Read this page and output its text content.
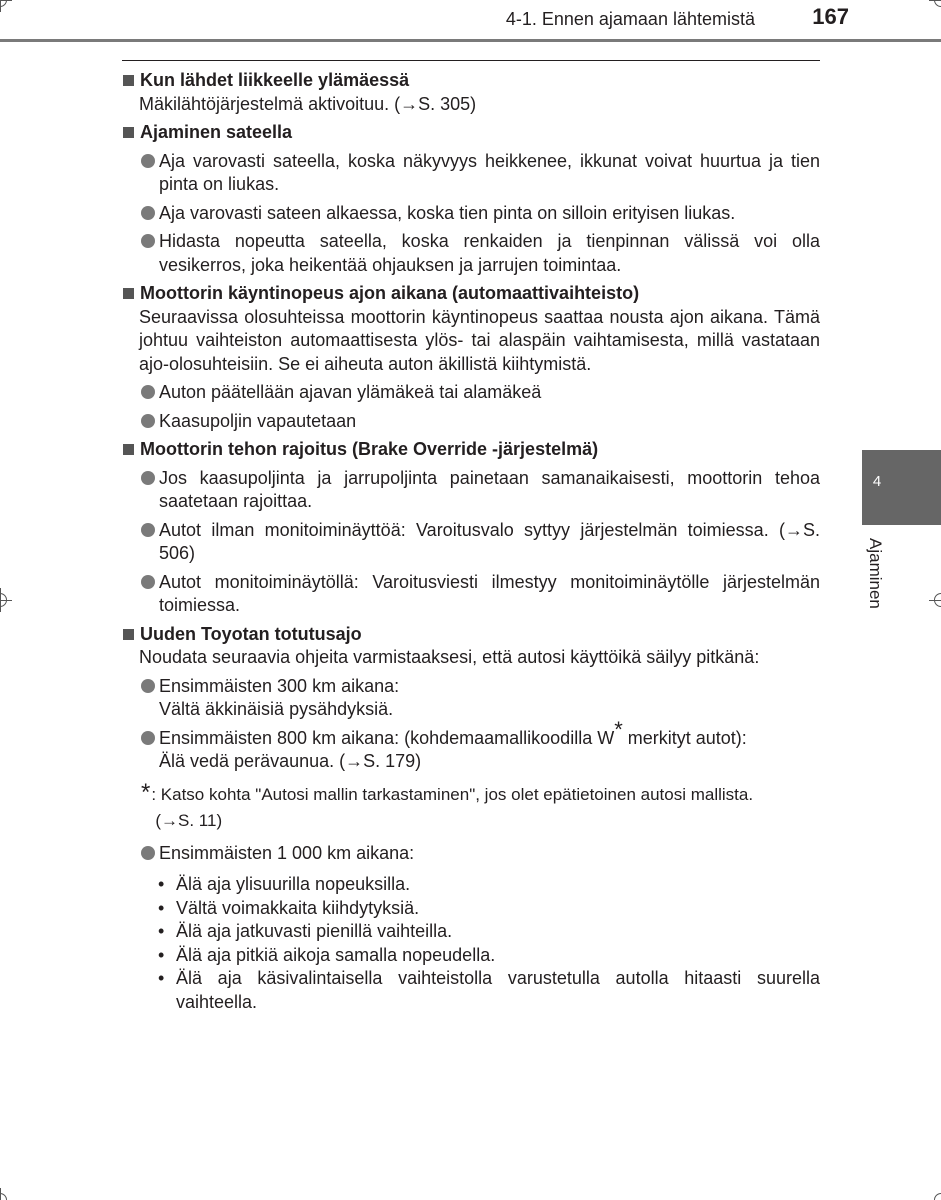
4-1. Ennen ajamaan lähtemistä	167
Kun lähdet liikkeelle ylämäessä
Mäkilähtöjärjestelmä aktivoituu. (→S. 305)
Ajaminen sateella
Aja varovasti sateella, koska näkyvyys heikkenee, ikkunat voivat huurtua ja tien pinta on liukas.
Aja varovasti sateen alkaessa, koska tien pinta on silloin erityisen liukas.
Hidasta nopeutta sateella, koska renkaiden ja tienpinnan välissä voi olla vesikerros, joka heikentää ohjauksen ja jarrujen toimintaa.
Moottorin käyntinopeus ajon aikana (automaattivaihteisto)
Seuraavissa olosuhteissa moottorin käyntinopeus saattaa nousta ajon aikana. Tämä johtuu vaihteiston automaattisesta ylös- tai alaspäin vaihtamisesta, millä vastataan ajo-olosuhteisiin. Se ei aiheuta auton äkillistä kiihtymistä.
Auton päätellään ajavan ylämäkeä tai alamäkeä
Kaasupoljin vapautetaan
Moottorin tehon rajoitus (Brake Override -järjestelmä)
Jos kaasupoljinta ja jarrupoljinta painetaan samanaikaisesti, moottorin tehoa saatetaan rajoittaa.
Autot ilman monitoiminäyttöä: Varoitusvalo syttyy järjestelmän toimiessa. (→S. 506)
Autot monitoiminäytöllä: Varoitusviesti ilmestyy monitoiminäytölle järjestelmän toimiessa.
Uuden Toyotan totutusajo
Noudata seuraavia ohjeita varmistaaksesi, että autosi käyttöikä säilyy pitkänä:
Ensimmäisten 300 km aikana:
Vältä äkkinäisiä pysähdyksiä.
Ensimmäisten 800 km aikana: (kohdemaamallikoodilla W* merkityt autot):
Älä vedä perävaunua. (→S. 179)
* : Katso kohta "Autosi mallin tarkastaminen", jos olet epätietoinen autosi mallista.
(→S. 11)
Ensimmäisten 1 000 km aikana:
• Älä aja ylisuurilla nopeuksilla.
• Vältä voimakkaita kiihdytyksiä.
• Älä aja jatkuvasti pienillä vaihteilla.
• Älä aja pitkiä aikoja samalla nopeudella.
• Älä aja käsivalintaisella vaihteistolla varustetulla autolla hitaasti suurella vaihteella.
4
Ajaminen
